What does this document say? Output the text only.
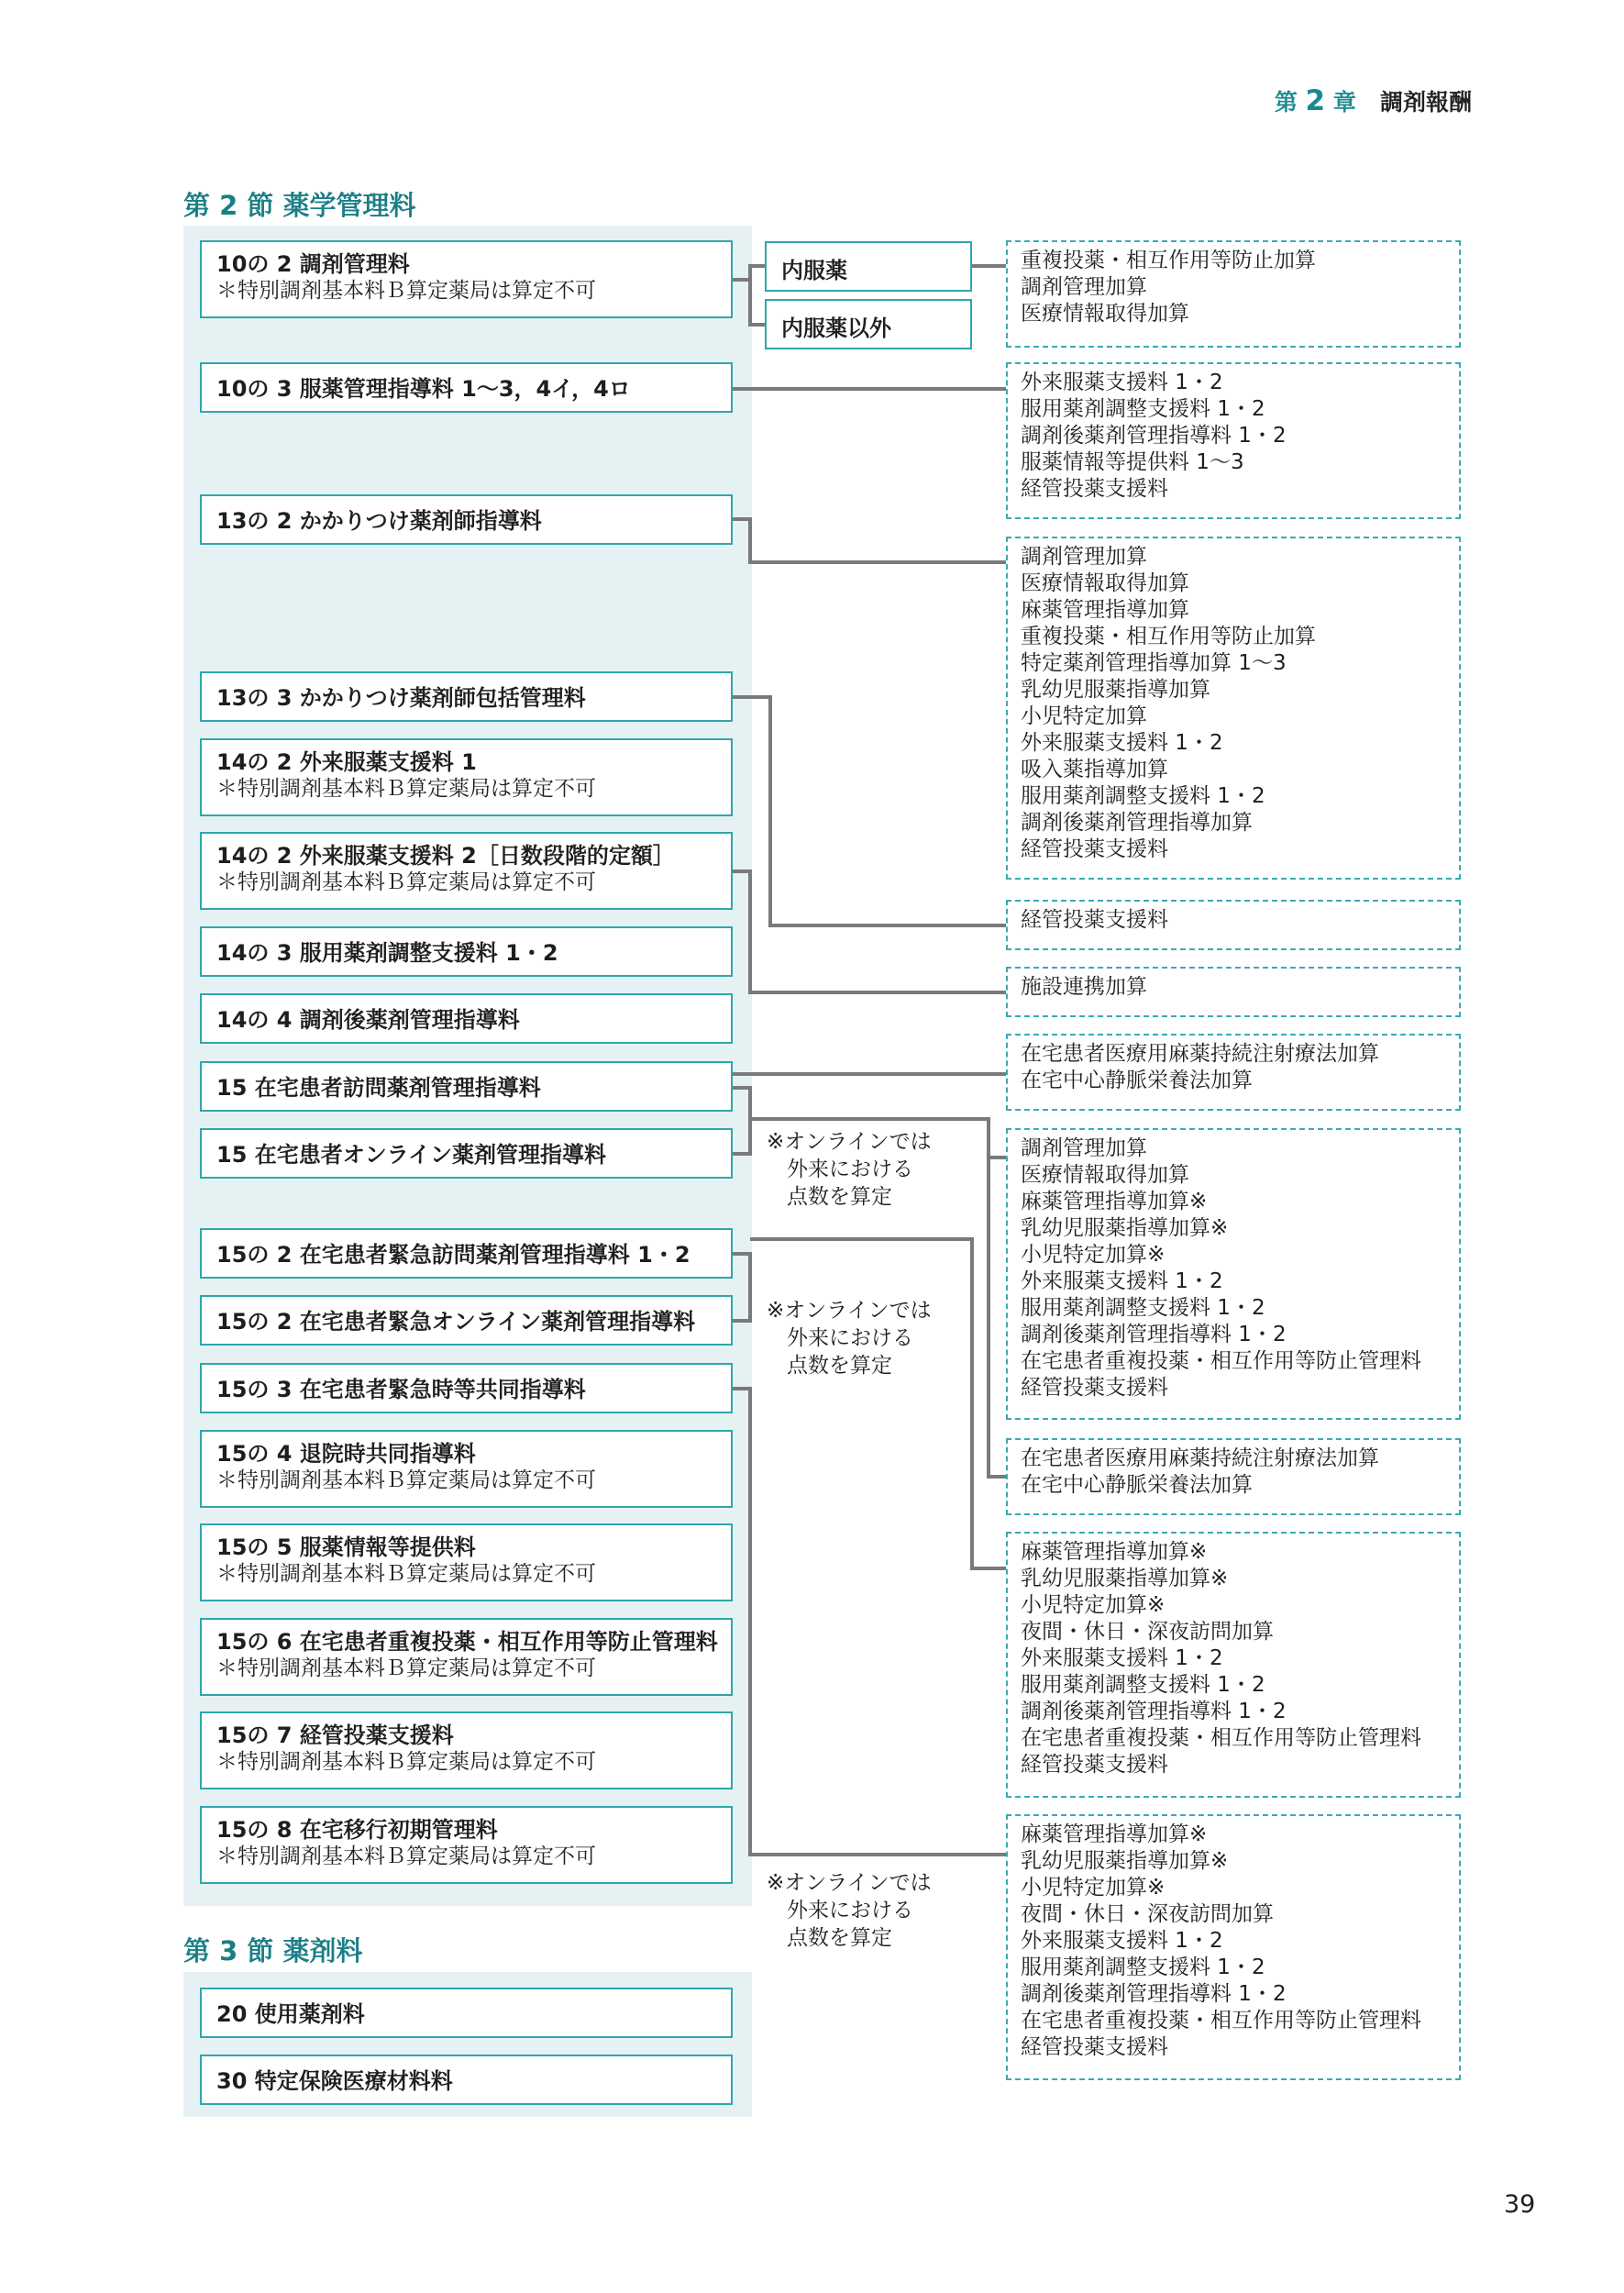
第 2 章 調剤報酬
第 2 節 薬学管理料
第 3 節 薬剤料
10の 2 調剤管理料
＊特別調剤基本料Ｂ算定薬局は算定不可
10の 3 服薬管理指導料 1～3，4イ，4ロ
13の 2 かかりつけ薬剤師指導料
13の 3 かかりつけ薬剤師包括管理料
14の 2 外来服薬支援料 1
＊特別調剤基本料Ｂ算定薬局は算定不可
14の 2 外来服薬支援料 2［日数段階的定額］
＊特別調剤基本料Ｂ算定薬局は算定不可
14の 3 服用薬剤調整支援料 1・2
14の 4 調剤後薬剤管理指導料
15 在宅患者訪問薬剤管理指導料
15 在宅患者オンライン薬剤管理指導料
15の 2 在宅患者緊急訪問薬剤管理指導料 1・2
15の 2 在宅患者緊急オンライン薬剤管理指導料
15の 3 在宅患者緊急時等共同指導料
15の 4 退院時共同指導料
＊特別調剤基本料Ｂ算定薬局は算定不可
15の 5 服薬情報等提供料
＊特別調剤基本料Ｂ算定薬局は算定不可
15の 6 在宅患者重複投薬・相互作用等防止管理料
＊特別調剤基本料Ｂ算定薬局は算定不可
15の 7 経管投薬支援料
＊特別調剤基本料Ｂ算定薬局は算定不可
15の 8 在宅移行初期管理料
＊特別調剤基本料Ｂ算定薬局は算定不可
20 使用薬剤料
30 特定保険医療材料料
内服薬
内服薬以外
※オンラインでは
外来における
点数を算定
※オンラインでは
外来における
点数を算定
※オンラインでは
外来における
点数を算定
重複投薬・相互作用等防止加算
調剤管理加算
医療情報取得加算
外来服薬支援料 1・2
服用薬剤調整支援料 1・2
調剤後薬剤管理指導料 1・2
服薬情報等提供料 1～3
経管投薬支援料
調剤管理加算
医療情報取得加算
麻薬管理指導加算
重複投薬・相互作用等防止加算
特定薬剤管理指導加算 1～3
乳幼児服薬指導加算
小児特定加算
外来服薬支援料 1・2
吸入薬指導加算
服用薬剤調整支援料 1・2
調剤後薬剤管理指導加算
経管投薬支援料
経管投薬支援料
施設連携加算
在宅患者医療用麻薬持続注射療法加算
在宅中心静脈栄養法加算
調剤管理加算
医療情報取得加算
麻薬管理指導加算※
乳幼児服薬指導加算※
小児特定加算※
外来服薬支援料 1・2
服用薬剤調整支援料 1・2
調剤後薬剤管理指導料 1・2
在宅患者重複投薬・相互作用等防止管理料
経管投薬支援料
在宅患者医療用麻薬持続注射療法加算
在宅中心静脈栄養法加算
麻薬管理指導加算※
乳幼児服薬指導加算※
小児特定加算※
夜間・休日・深夜訪問加算
外来服薬支援料 1・2
服用薬剤調整支援料 1・2
調剤後薬剤管理指導料 1・2
在宅患者重複投薬・相互作用等防止管理料
経管投薬支援料
麻薬管理指導加算※
乳幼児服薬指導加算※
小児特定加算※
夜間・休日・深夜訪問加算
外来服薬支援料 1・2
服用薬剤調整支援料 1・2
調剤後薬剤管理指導料 1・2
在宅患者重複投薬・相互作用等防止管理料
経管投薬支援料
39
